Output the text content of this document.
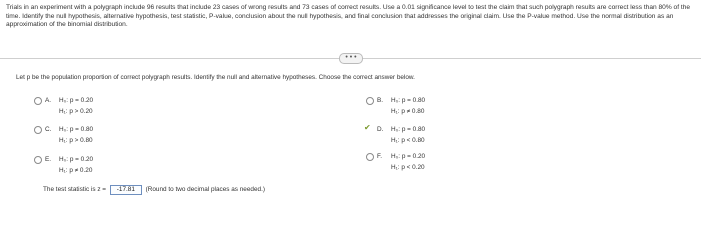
Trials in an experiment with a polygraph include 96 results that include 23 cases of wrong results and 73 cases of correct results. Use a 0.01 significance level to test the claim that such polygraph results are correct less than 80% of the time. Identify the null hypothesis, alternative hypothesis, test statistic, P-value, conclusion about the null hypothesis, and final conclusion that addresses the original claim. Use the P-value method. Use the normal distribution as an approximation of the binomial distribution.
• • •
Let p be the population proportion of correct polygraph results. Identify the null and alternative hypotheses. Choose the correct answer below.
A. H₀: p = 0.20
H₁: p > 0.20
B. H₀: p = 0.80
H₁: p ≠ 0.80
C. H₀: p = 0.80
H₁: p > 0.80
✔ D. H₀: p = 0.80
H₁: p < 0.80
E. H₀: p = 0.20
H₁: p ≠ 0.20
F. H₀: p = 0.20
H₁: p < 0.20
The test statistic is z = -17.81 (Round to two decimal places as needed.)
